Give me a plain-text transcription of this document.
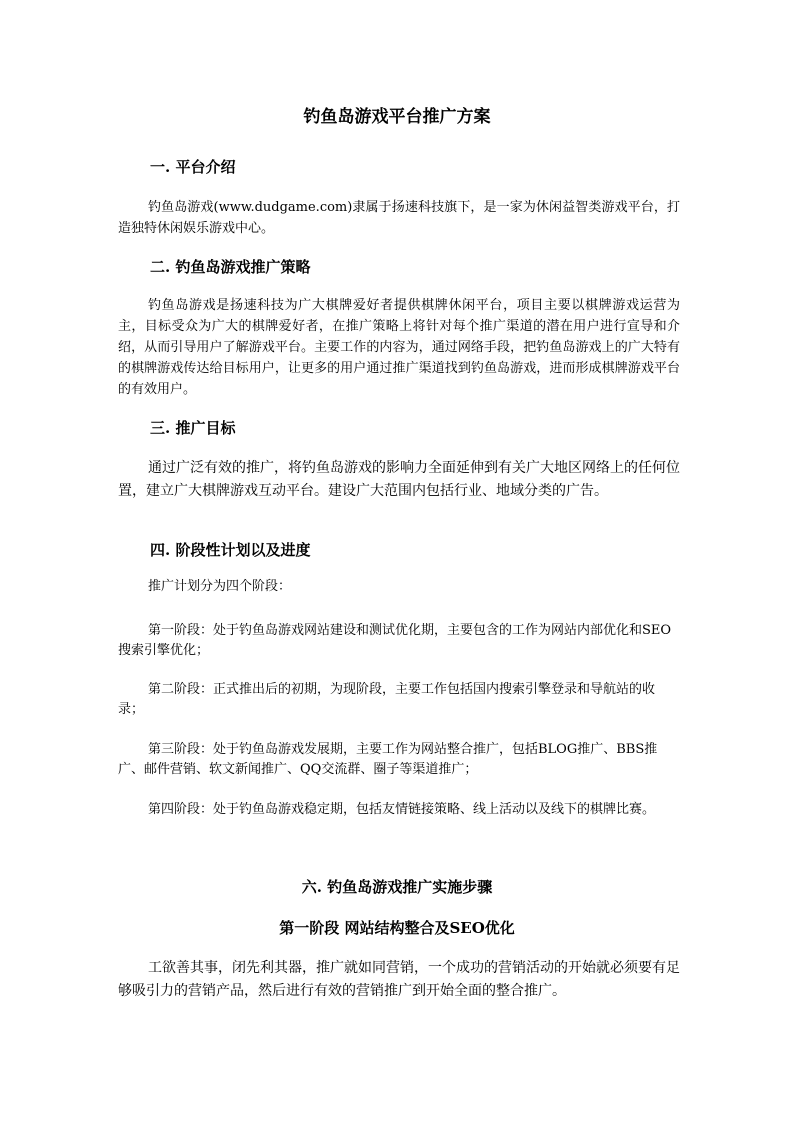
钓鱼岛游戏平台推广方案
一. 平台介绍
钓鱼岛游戏(www.dudgame.com)隶属于扬速科技旗下，是一家为休闲益智类游戏平台，打造独特休闲娱乐游戏中心。
二. 钓鱼岛游戏推广策略
钓鱼岛游戏是扬速科技为广大棋牌爱好者提供棋牌休闲平台，项目主要以棋牌游戏运营为主，目标受众为广大的棋牌爱好者，在推广策略上将针对每个推广渠道的潜在用户进行宣导和介绍，从而引导用户了解游戏平台。主要工作的内容为，通过网络手段，把钓鱼岛游戏上的广大特有的棋牌游戏传达给目标用户，让更多的用户通过推广渠道找到钓鱼岛游戏，进而形成棋牌游戏平台的有效用户。
三. 推广目标
通过广泛有效的推广，将钓鱼岛游戏的影响力全面延伸到有关广大地区网络上的任何位置，建立广大棋牌游戏互动平台。建设广大范围内包括行业、地域分类的广告。
四. 阶段性计划以及进度
推广计划分为四个阶段：
第一阶段：处于钓鱼岛游戏网站建设和测试优化期，主要包含的工作为网站内部优化和SEO搜索引擎优化；
第二阶段：正式推出后的初期，为现阶段，主要工作包括国内搜索引擎登录和导航站的收录；
第三阶段：处于钓鱼岛游戏发展期，主要工作为网站整合推广，包括BLOG推广、BBS推广、邮件营销、软文新闻推广、QQ交流群、圈子等渠道推广；
第四阶段：处于钓鱼岛游戏稳定期，包括友情链接策略、线上活动以及线下的棋牌比赛。
六. 钓鱼岛游戏推广实施步骤
第一阶段 网站结构整合及SEO优化
工欲善其事，闭先利其器，推广就如同营销，一个成功的营销活动的开始就必须要有足够吸引力的营销产品，然后进行有效的营销推广到开始全面的整合推广。
